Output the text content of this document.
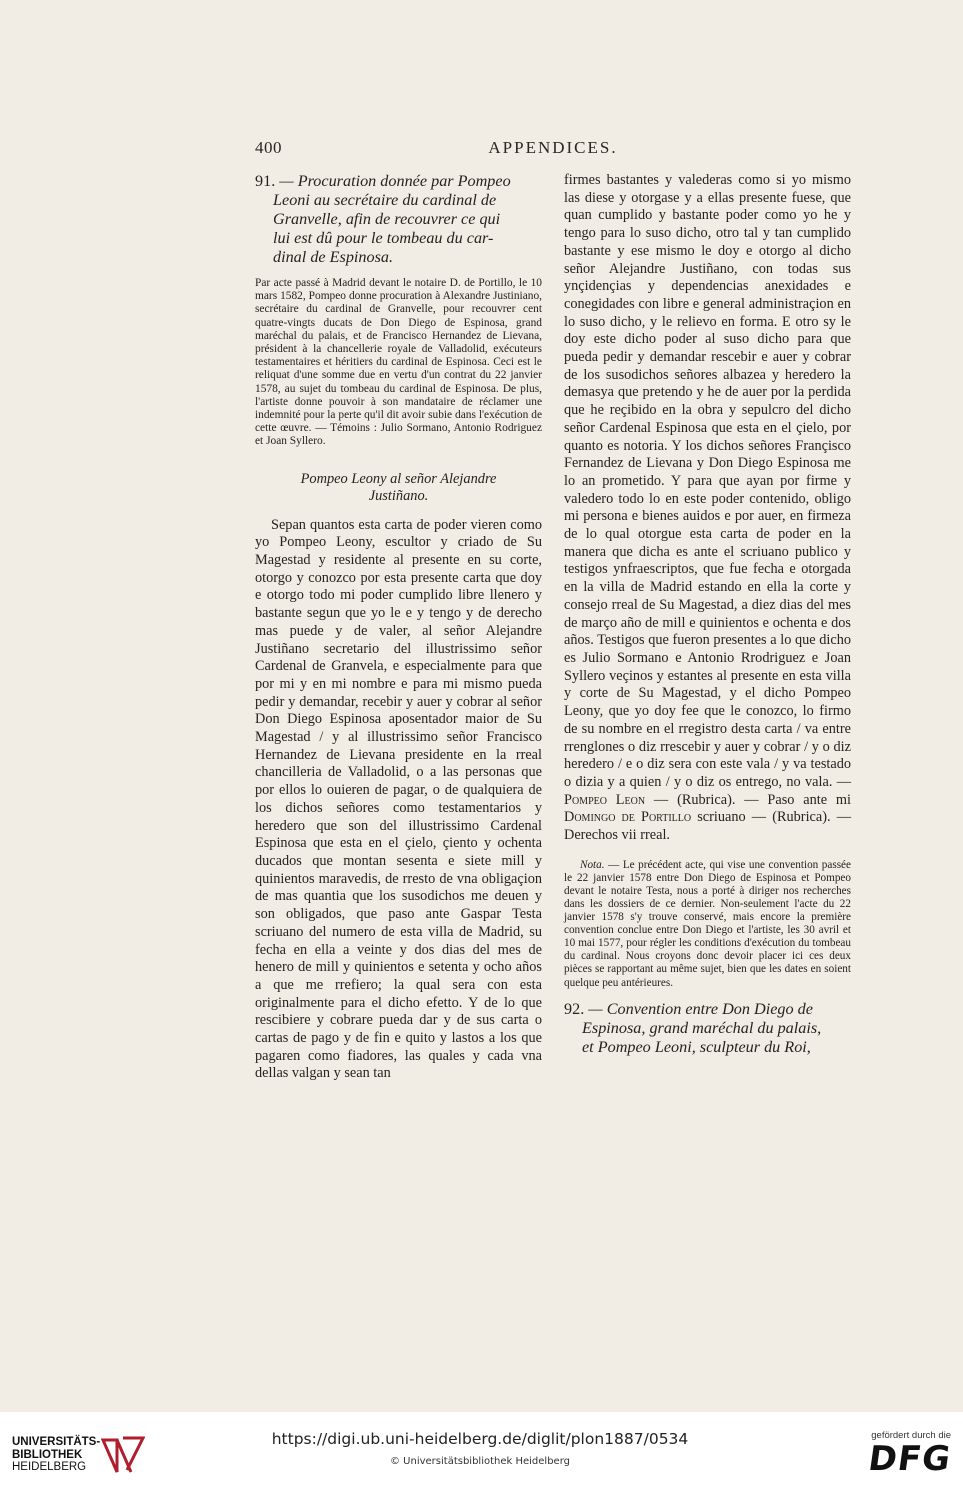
400	APPENDICES.
91. — Procuration donnée par Pompeo
Leoni au secrétaire du cardinal de
Granvelle, afin de recouvrer ce qui
lui est dû pour le tombeau du car-
dinal de Espinosa.

Par acte passé à Madrid devant le notaire D. de Portillo, le 10 mars 1582, Pompeo donne procuration à Alexandre Justiniano, secrétaire du cardinal de Granvelle, pour recouvrer cent quatre-vingts ducats de Don Diego de Espinosa, grand maréchal du palais, et de Francisco Hernandez de Lievana, président à la chancellerie royale de Valladolid, exécuteurs testamentaires et héritiers du cardinal de Espinosa. Ceci est le reliquat d'une somme due en vertu d'un contrat du 22 janvier 1578, au sujet du tombeau du cardinal de Espinosa. De plus, l'artiste donne pouvoir à son mandataire de réclamer une indemnité pour la perte qu'il dit avoir subie dans l'exécution de cette œuvre. — Témoins : Julio Sormano, Antonio Rodriguez et Joan Syllero.

Pompeo Leony al señor Alejandre
Justiñano.

Sepan quantos esta carta de poder vieren como yo Pompeo Leony, escultor y criado de Su Magestad y residente al presente en su corte, otorgo y conozco por esta presente carta que doy e otorgo todo mi poder cumplido libre llenero y bastante segun que yo le e y tengo y de derecho mas puede y de valer, al señor Alejandre Justiñano secretario del illustrissimo señor Cardenal de Granvela, e especialmente para que por mi y en mi nombre e para mi mismo pueda pedir y demandar, recebir y auer y cobrar al señor Don Diego Espinosa aposentador maior de Su Magestad / y al illustrissimo señor Francisco Hernandez de Lievana presidente en la rreal chancilleria de Valladolid, o a las personas que por ellos lo ouieren de pagar, o de qualquiera de los dichos señores como testamentarios y heredero que son del illustrissimo Cardenal Espinosa que esta en el çielo, çiento y ochenta ducados que montan sesenta e siete mill y quinientos maravedis, de rresto de vna obligaçion de mas quantia que los susodichos me deuen y son obligados, que paso ante Gaspar Testa scriuano del numero de esta villa de Madrid, su fecha en ella a veinte y dos dias del mes de henero de mill y quinientos e setenta y ocho años a que me rrefiero; la qual sera con esta originalmente para el dicho efetto. Y de lo que rescibiere y cobrare pueda dar y de sus carta o cartas de pago y de fin e quito y lastos a los que pagaren como fiadores, las quales y cada vna dellas valgan y sean tan

firmes bastantes y valederas como si yo mismo las diese y otorgase y a ellas presente fuese, que quan cumplido y bastante poder como yo he y tengo para lo suso dicho, otro tal y tan cumplido bastante y ese mismo le doy e otorgo al dicho señor Alejandre Justiñano, con todas sus ynçidençias y dependencias anexidades e conegidades con libre e general administraçion en lo suso dicho, y le relievo en forma. E otro sy le doy este dicho poder al suso dicho para que pueda pedir y demandar rescebir e auer y cobrar de los susodichos señores albazea y heredero la demasya que pretendo y he de auer por la perdida que he reçibido en la obra y sepulcro del dicho señor Cardenal Espinosa que esta en el çielo, por quanto es notoria. Y los dichos señores Françisco Fernandez de Lievana y Don Diego Espinosa me lo an prometido. Y para que ayan por firme y valedero todo lo en este poder contenido, obligo mi persona e bienes auidos e por auer, en firmeza de lo qual otorgue esta carta de poder en la manera que dicha es ante el scriuano publico y testigos ynfraescriptos, que fue fecha e otorgada en la villa de Madrid estando en ella la corte y consejo rreal de Su Magestad, a diez dias del mes de março año de mill e quinientos e ochenta e dos años. Testigos que fueron presentes a lo que dicho es Julio Sormano e Antonio Rrodriguez e Joan Syllero veçinos y estantes al presente en esta villa y corte de Su Magestad, y el dicho Pompeo Leony, que yo doy fee que le conozco, lo firmo de su nombre en el rregistro desta carta / va entre rrenglones o diz rrescebir y auer y cobrar / y o diz heredero / e o diz sera con este vala / y va testado o dizia y a quien / y o diz os entrego, no vala. — Pompeo Leon — (Rubrica). — Paso ante mi Domingo de Portillo scriuano — (Rubrica). — Derechos vii rreal.

Nota. — Le précédent acte, qui vise une convention passée le 22 janvier 1578 entre Don Diego de Espinosa et Pompeo devant le notaire Testa, nous a porté à diriger nos recherches dans les dossiers de ce dernier. Non-seulement l'acte du 22 janvier 1578 s'y trouve conservé, mais encore la première convention conclue entre Don Diego et l'artiste, les 30 avril et 10 mai 1577, pour régler les conditions d'exécution du tombeau du cardinal. Nous croyons donc devoir placer ici ces deux pièces se rapportant au même sujet, bien que les dates en soient quelque peu antérieures.

92. — Convention entre Don Diego de
Espinosa, grand maréchal du palais,
et Pompeo Leoni, sculpteur du Roi,
UNIVERSITÄTS-
BIBLIOTHEK
HEIDELBERG
https://digi.ub.uni-heidelberg.de/diglit/plon1887/0534
© Universitätsbibliothek Heidelberg
gefördert durch die
DFG
